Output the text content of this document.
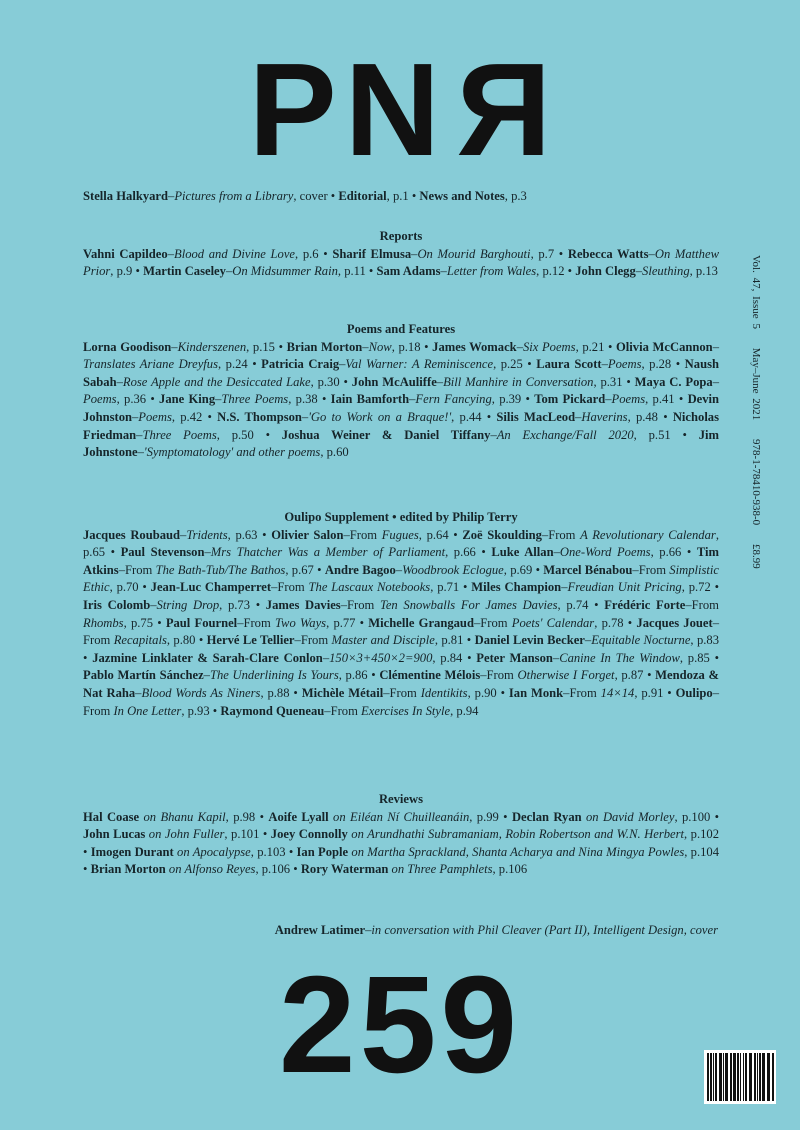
PNR
Stella Halkyard–Pictures from a Library, cover • Editorial, p.1 • News and Notes, p.3
Reports
Vahni Capildeo–Blood and Divine Love, p.6 • Sharif Elmusa–On Mourid Barghouti, p.7 • Rebecca Watts–On Matthew Prior, p.9 • Martin Caseley–On Midsummer Rain, p.11 • Sam Adams–Letter from Wales, p.12 • John Clegg–Sleuthing, p.13
Poems and Features
Lorna Goodison–Kinderszenen, p.15 • Brian Morton–Now, p.18 • James Womack–Six Poems, p.21 • Olivia McCannon–Translates Ariane Dreyfus, p.24 • Patricia Craig–Val Warner: A Reminiscence, p.25 • Laura Scott–Poems, p.28 • Naush Sabah–Rose Apple and the Desiccated Lake, p.30 • John McAuliffe–Bill Manhire in Conversation, p.31 • Maya C. Popa–Poems, p.36 • Jane King–Three Poems, p.38 • Iain Bamforth–Fern Fancying, p.39 • Tom Pickard–Poems, p.41 • Devin Johnston–Poems, p.42 • N.S. Thompson–'Go to Work on a Braque!', p.44 • Silis MacLeod–Haverins, p.48 • Nicholas Friedman–Three Poems, p.50 • Joshua Weiner & Daniel Tiffany–An Exchange/Fall 2020, p.51 • Jim Johnstone–'Symptomatology' and other poems, p.60
Oulipo Supplement • edited by Philip Terry
Jacques Roubaud–Tridents, p.63 • Olivier Salon–From Fugues, p.64 • Zoë Skoulding–From A Revolutionary Calendar, p.65 • Paul Stevenson–Mrs Thatcher Was a Member of Parliament, p.66 • Luke Allan–One-Word Poems, p.66 • Tim Atkins–From The Bath-Tub/The Bathos, p.67 • Andre Bagoo–Woodbrook Eclogue, p.69 • Marcel Bénabou–From Simplistic Ethic, p.70 • Jean-Luc Champerret–From The Lascaux Notebooks, p.71 • Miles Champion–Freudian Unit Pricing, p.72 • Iris Colomb–String Drop, p.73 • James Davies–From Ten Snowballs For James Davies, p.74 • Frédéric Forte–From Rhombs, p.75 • Paul Fournel–From Two Ways, p.77 • Michelle Grangaud–From Poets' Calendar, p.78 • Jacques Jouet–From Recapitals, p.80 • Hervé Le Tellier–From Master and Disciple, p.81 • Daniel Levin Becker–Equitable Nocturne, p.83 • Jazmine Linklater & Sarah-Clare Conlon–150×3+450×2=900, p.84 • Peter Manson–Canine In The Window, p.85 • Pablo Martín Sánchez–The Underlining Is Yours, p.86 • Clémentine Mélois–From Otherwise I Forget, p.87 • Mendoza & Nat Raha–Blood Words As Niners, p.88 • Michèle Métail–From Identikits, p.90 • Ian Monk–From 14×14, p.91 • Oulipo–From In One Letter, p.93 • Raymond Queneau–From Exercises In Style, p.94
Reviews
Hal Coase on Bhanu Kapil, p.98 • Aoife Lyall on Eiléan Ní Chuilleanáin, p.99 • Declan Ryan on David Morley, p.100 • John Lucas on John Fuller, p.101 • Joey Connolly on Arundhathi Subramaniam, Robin Robertson and W.N. Herbert, p.102 • Imogen Durant on Apocalypse, p.103 • Ian Pople on Martha Sprackland, Shanta Acharya and Nina Mingya Powles, p.104 • Brian Morton on Alfonso Reyes, p.106 • Rory Waterman on Three Pamphlets, p.106
Andrew Latimer–in conversation with Phil Cleaver (Part II), Intelligent Design, cover
259
Vol. 47, Issue 5 May–June 2021 978-1-78410-938-0 £8.99
